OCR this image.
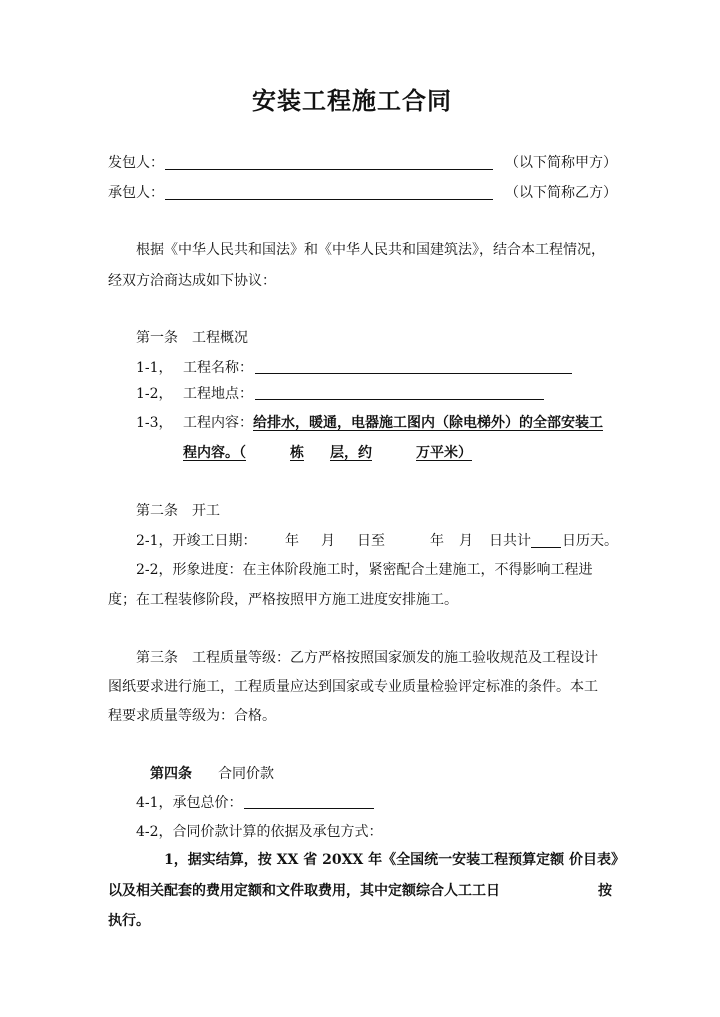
安装工程施工合同
发包人：	（以下简称甲方）
承包人：	（以下简称乙方）
根据《中华人民共和国法》和《中华人民共和国建筑法》，结合本工程情况，
经双方洽商达成如下协议：
第一条　工程概况
1-1， 工程名称：
1-2， 工程地点：
1-3， 工程内容： 给排水，暖通，电器施工图内（除电梯外）的全部安装工
程内容。（	栋 层，约	万平米）
第二条　开工
2-1，开竣工日期： 年 月 日至	年 月 日共计 日历天。
2-2，形象进度：在主体阶段施工时，紧密配合土建施工，不得影响工程进
度；在工程装修阶段，严格按照甲方施工进度安排施工。
第三条　工程质量等级：乙方严格按照国家颁发的施工验收规范及工程设计
图纸要求进行施工，工程质量应达到国家或专业质量检验评定标准的条件。本工
程要求质量等级为：合格。
第四条 合同价款
4-1，承包总价：
4-2，合同价款计算的依据及承包方式：
1，据实结算，按 XX 省 20XX 年《全国统一安装工程预算定额 价目表》
以及相关配套的费用定额和文件取费用，其中定额综合人工工日	按
执行。
